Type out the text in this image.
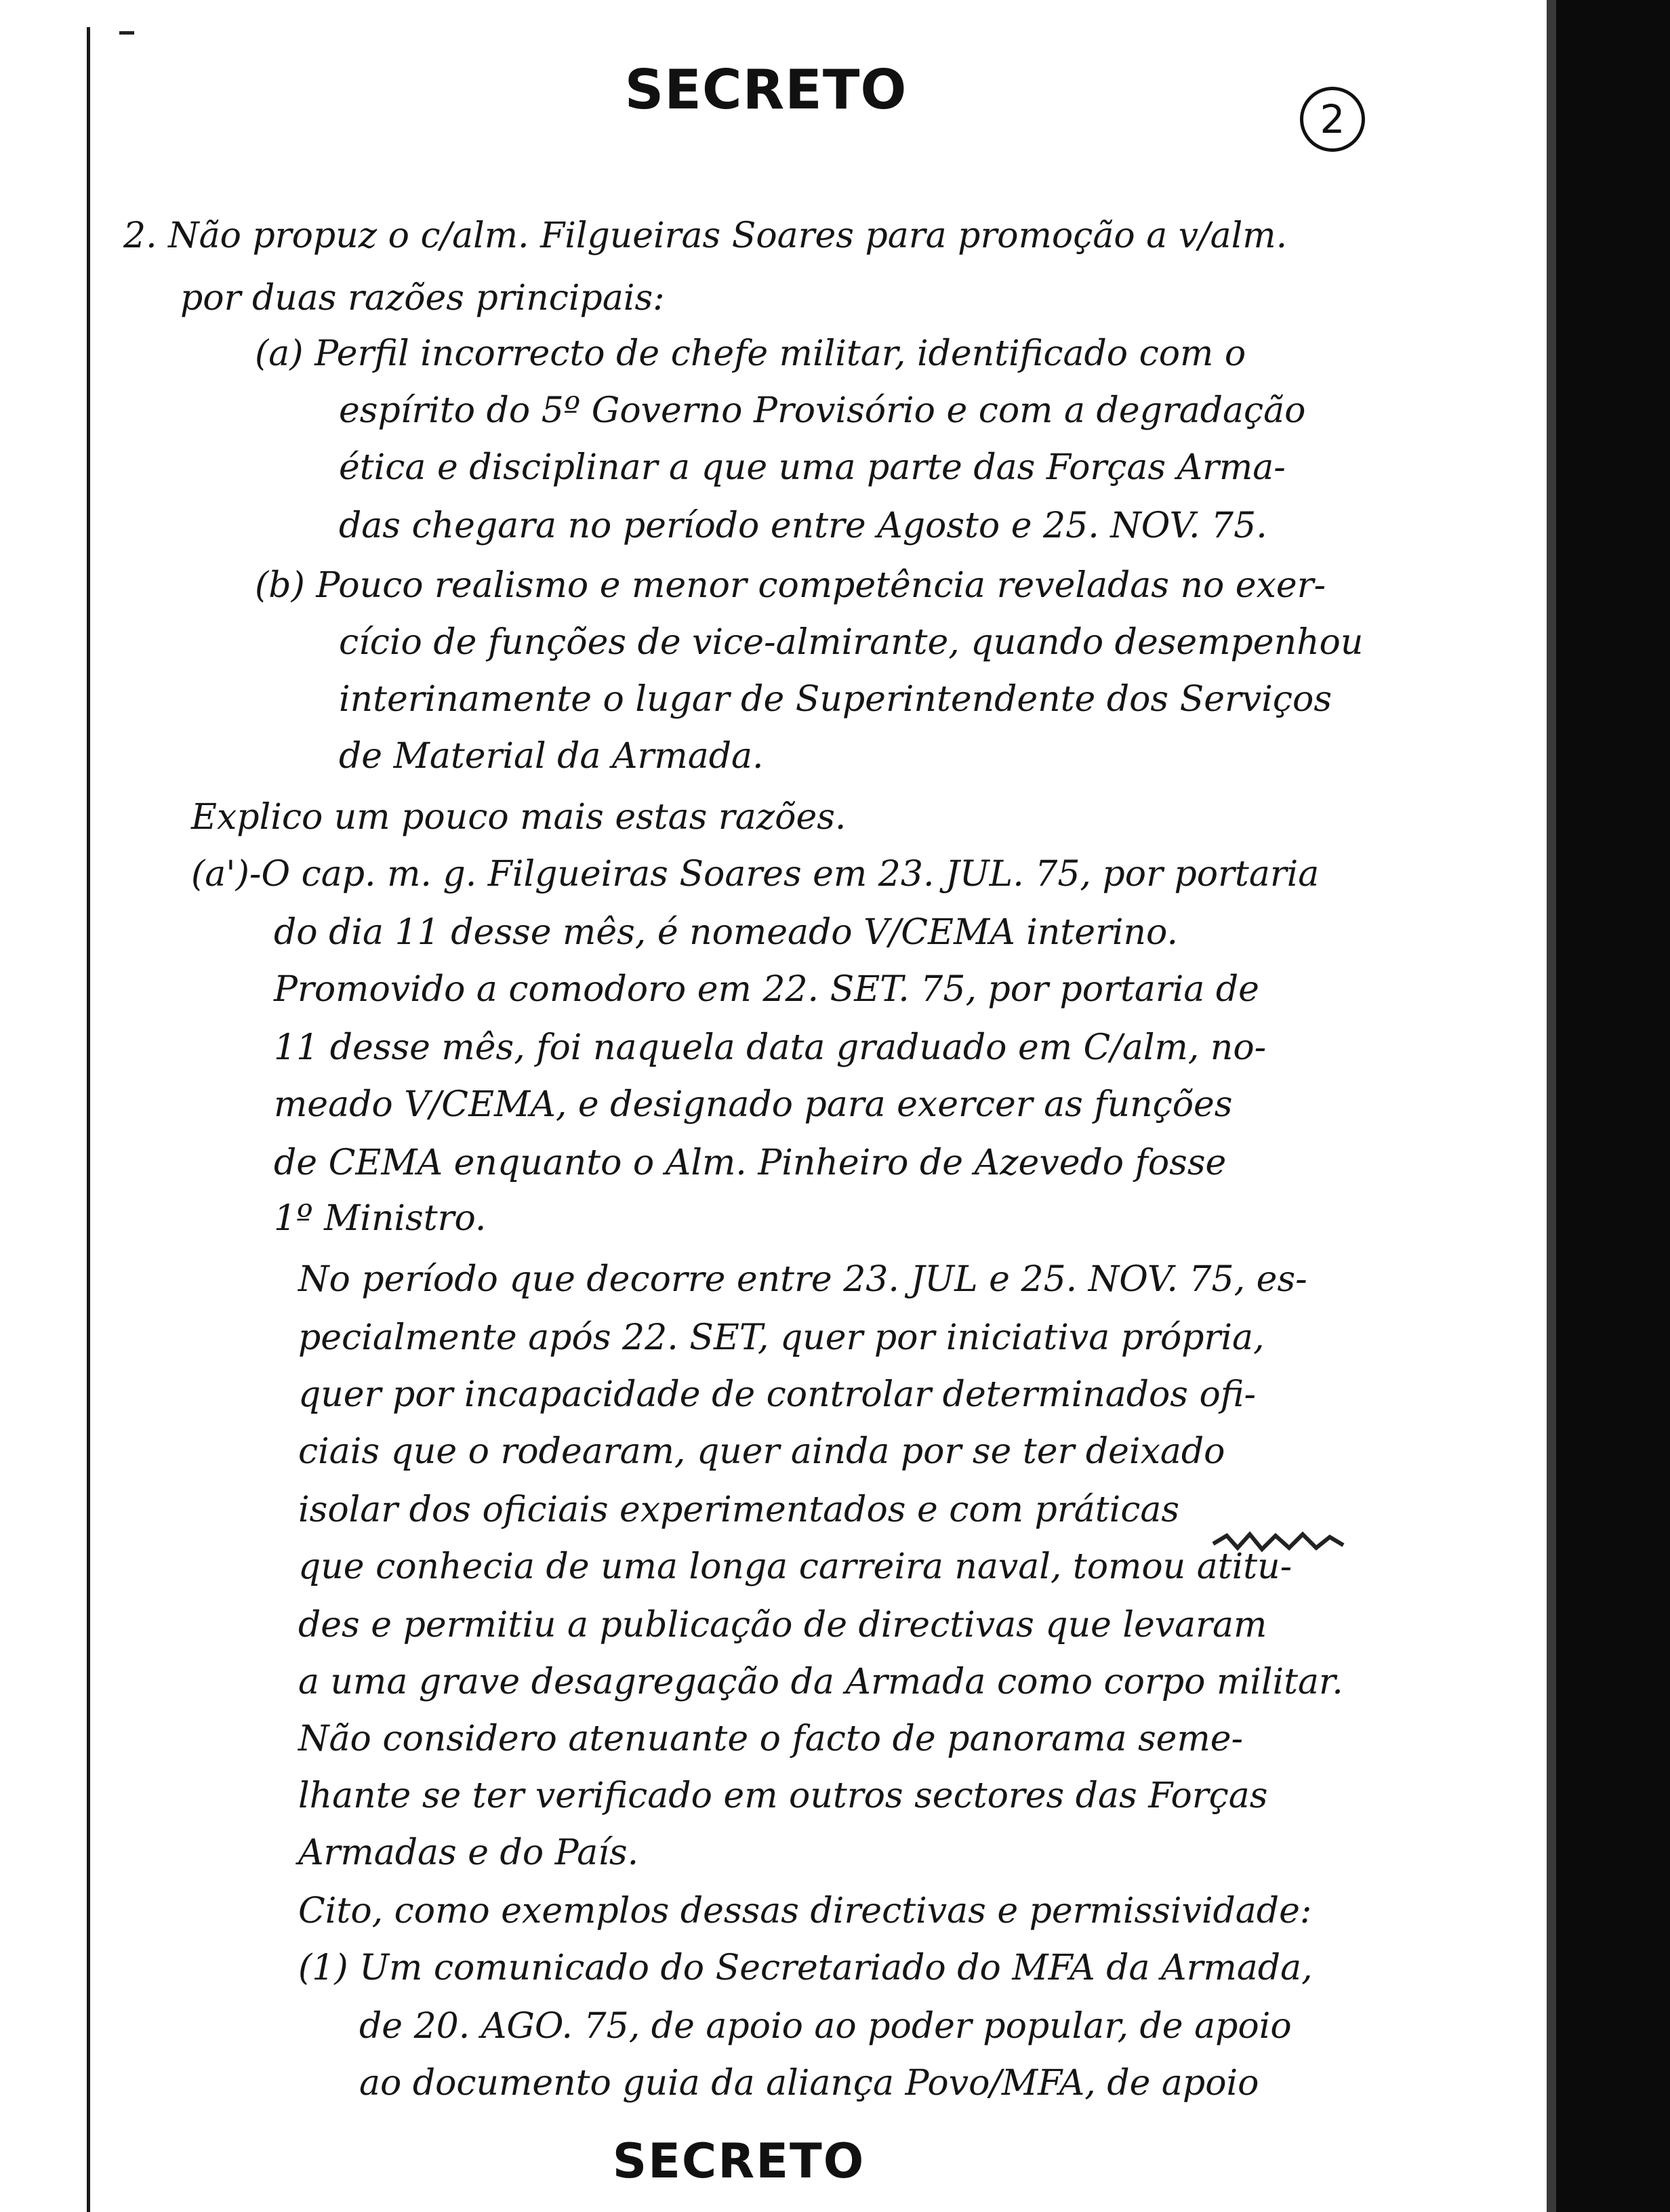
SECRETO	2
2. Não propuz o c/alm. Filgueiras Soares para promoção a v/alm.
por duas razões principais:
(a) Perfil incorrecto de chefe militar, identificado com o
espírito do 5º Governo Provisório e com a degradação
ética e disciplinar a que uma parte das Forças Arma-
das chegara no período entre Agosto e 25. NOV. 75.
(b) Pouco realismo e menor competência reveladas no exer-
cício de funções de vice-almirante, quando desempenhou
interinamente o lugar de Superintendente dos Serviços
de Material da Armada.
Explico um pouco mais estas razões.
(a')-O cap. m. g. Filgueiras Soares em 23. JUL. 75, por portaria
do dia 11 desse mês, é nomeado V/CEMA interino.
Promovido a comodoro em 22. SET. 75, por portaria de
11 desse mês, foi naquela data graduado em C/alm, no-
meado V/CEMA, e designado para exercer as funções
de CEMA enquanto o Alm. Pinheiro de Azevedo fosse
1º Ministro.
No período que decorre entre 23. JUL e 25. NOV. 75, es-
pecialmente após 22. SET, quer por iniciativa própria,
quer por incapacidade de controlar determinados ofi-
ciais que o rodearam, quer ainda por se ter deixado
isolar dos oficiais experimentados e com práticas
que conhecia de uma longa carreira naval, tomou atitu-
des e permitiu a publicação de directivas que levaram
a uma grave desagregação da Armada como corpo militar.
Não considero atenuante o facto de panorama seme-
lhante se ter verificado em outros sectores das Forças
Armadas e do País.
Cito, como exemplos dessas directivas e permissividade:
(1) Um comunicado do Secretariado do MFA da Armada,
de 20. AGO. 75, de apoio ao poder popular, de apoio
ao documento guia da aliança Povo/MFA, de apoio
SECRETO
